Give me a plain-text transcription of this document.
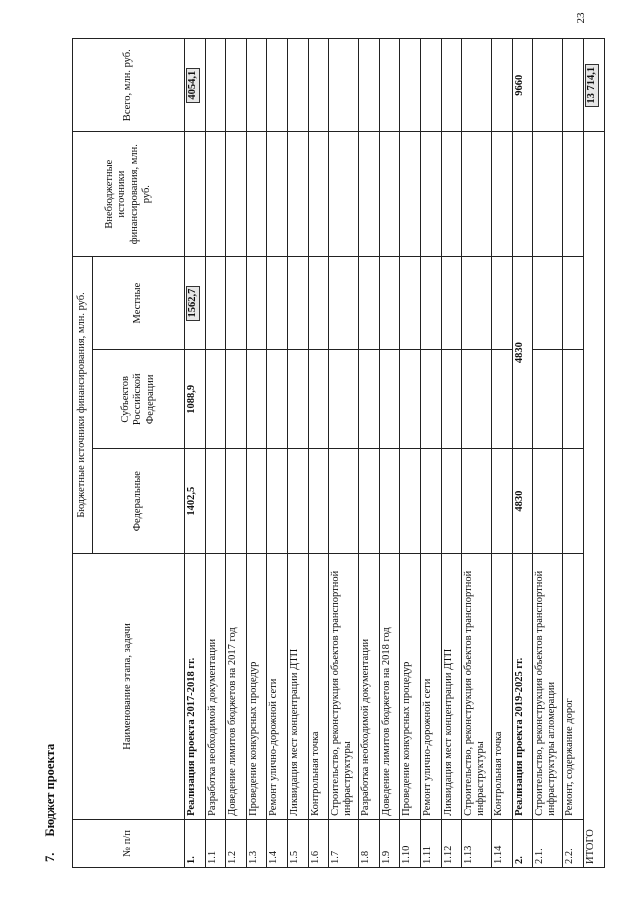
23
7.
Бюджет проекта
№ п/п	Наименование этапа, задачи	Бюджетные источники финансирования, млн. руб.			Внебюджетные источники финансирования, млн. руб.	Всего, млн. руб.
		Федеральные	Субъектов Российской Федерации	Местные		
1.	Реализация проекта 2017-2018 гг.	1402,5	1088,9	1562,7		4054,1
1.1	Разработка необходимой документации					
1.2	Доведение лимитов бюджетов на 2017 год					
1.3	Проведение конкурсных процедур					
1.4	Ремонт улично-дорожной сети					
1.5	Ликвидация мест концентрации ДТП					
1.6	Контрольная точка					
1.7	Строительство, реконструкция объектов транспортной инфраструктуры					
1.8	Разработка необходимой документации					
1.9	Доведение лимитов бюджетов на 2018 год					
1.10	Проведение конкурсных процедур					
1.11	Ремонт улично-дорожной сети					
1.12	Ликвидация мест концентрации ДТП					
1.13	Строительство, реконструкция объектов транспортной инфраструктуры					
1.14	Контрольная точка					
2.	Реализация проекта 2019-2025 гг.	4830	4830			9660
2.1.	Строительство, реконструкция объектов транспортной инфраструктуры агломерации					
2.2.	Ремонт, содержание дорог					
ИТОГО						13 714,1
